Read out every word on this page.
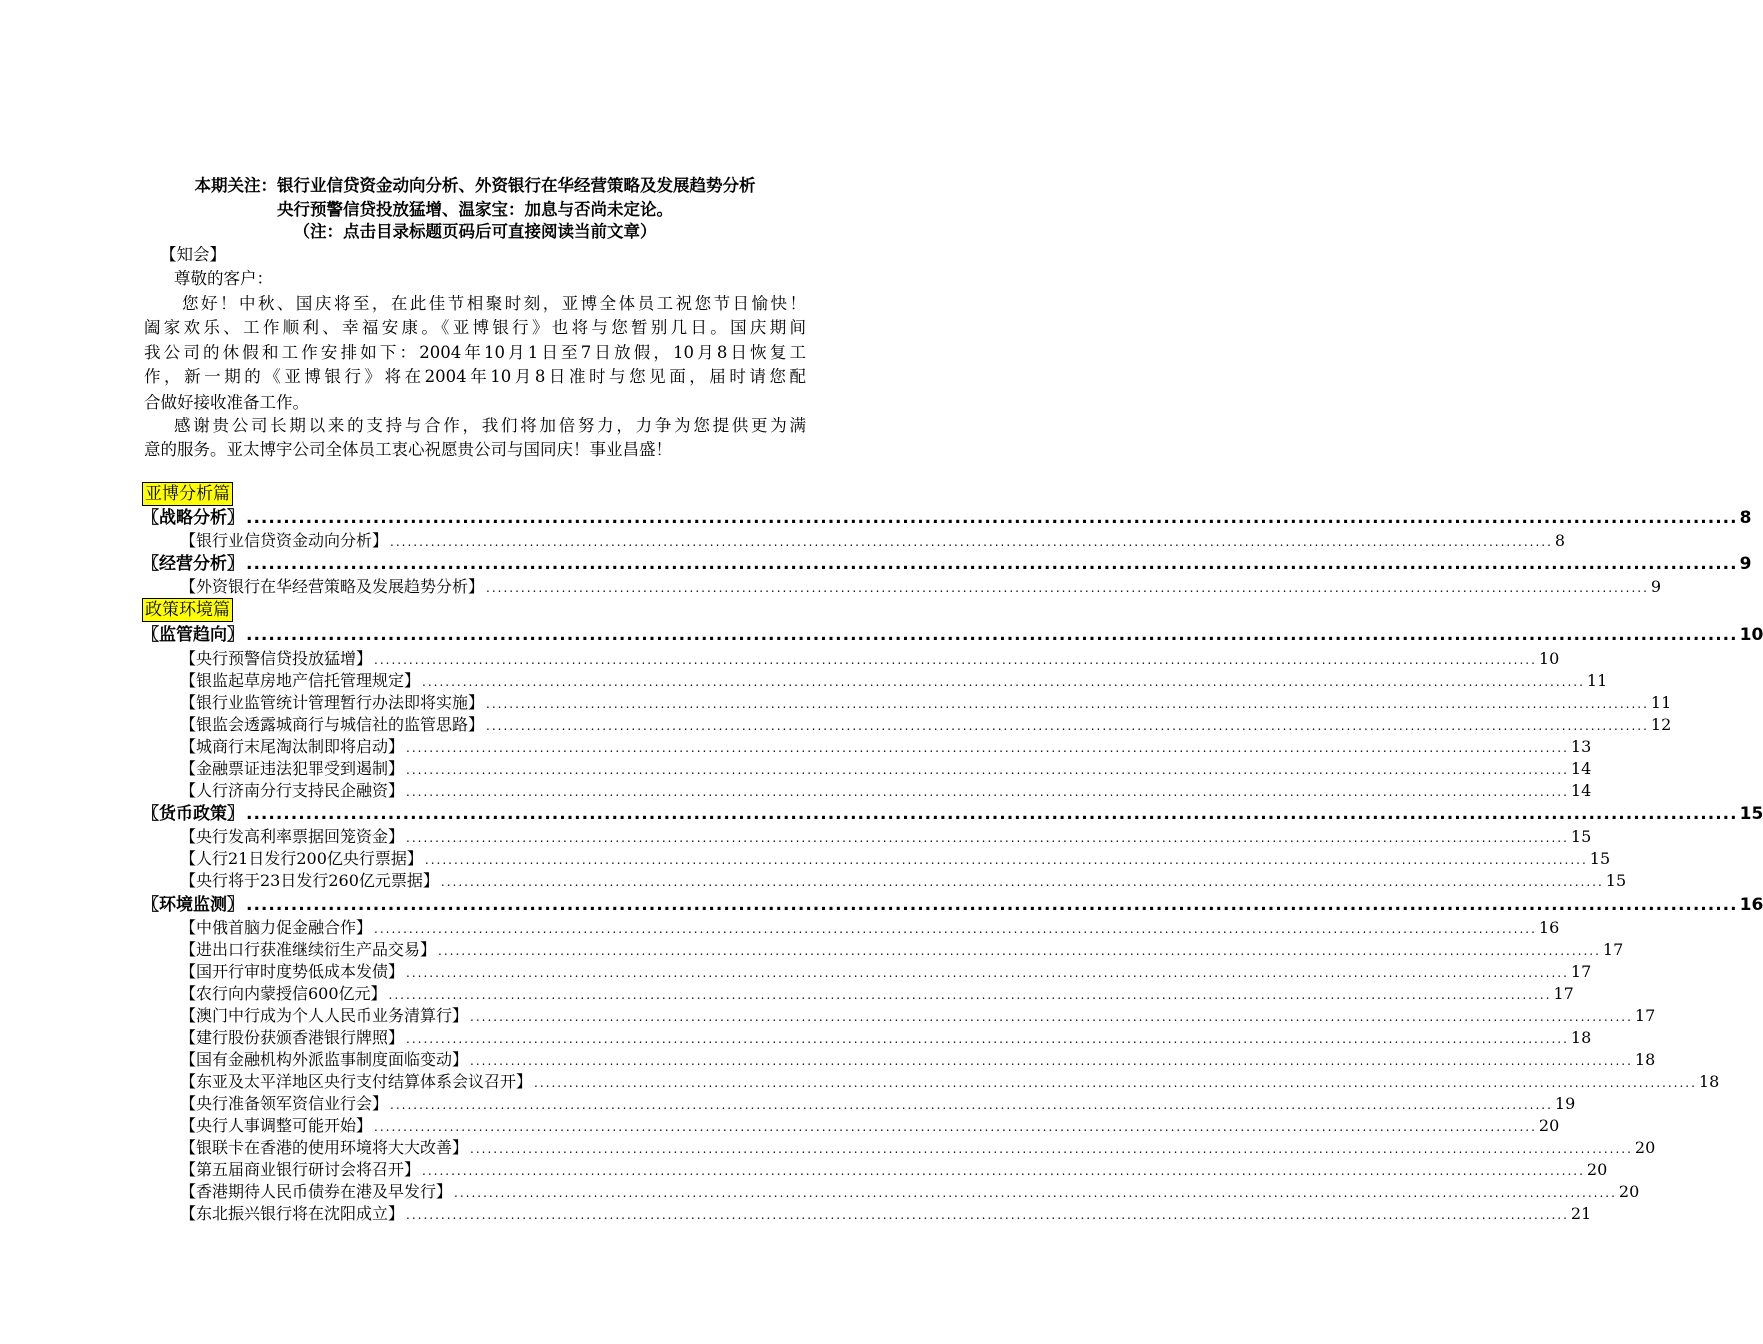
本期关注：银行业信贷资金动向分析、外资银行在华经营策略及发展趋势分析
央行预警信贷投放猛增、温家宝：加息与否尚未定论。
（注：点击目录标题页码后可直接阅读当前文章）
【知会】
尊敬的客户：
您好！中秋、国庆将至，在此佳节相聚时刻，亚博全体员工祝您节日愉快！
阖家欢乐、工作顺利、幸福安康。《亚博银行》也将与您暂别几日。国庆期间
我公司的休假和工作安排如下：2004年10月1日至7日放假，10月8日恢复工
作，新一期的《亚博银行》将在2004年10月8日准时与您见面，届时请您配
合做好接收准备工作。
感谢贵公司长期以来的支持与合作，我们将加倍努力，力争为您提供更为满
意的服务。亚太博宇公司全体员工衷心祝愿贵公司与国同庆！事业昌盛！
亚博分析篇
政策环境篇
〖战略分析〗 ........................................................................................................................................................................................................ 8
【银行业信贷资金动向分析】 ........................................................................................................................................................................................................ 8
〖经营分析〗 ........................................................................................................................................................................................................ 9
【外资银行在华经营策略及发展趋势分析】 ........................................................................................................................................................................................................ 9
〖监管趋向〗 ........................................................................................................................................................................................................ 10
【央行预警信贷投放猛增】 ........................................................................................................................................................................................................ 10
【银监起草房地产信托管理规定】 ........................................................................................................................................................................................................ 11
【银行业监管统计管理暂行办法即将实施】 ........................................................................................................................................................................................................ 11
【银监会透露城商行与城信社的监管思路】 ........................................................................................................................................................................................................ 12
【城商行末尾淘汰制即将启动】 ........................................................................................................................................................................................................ 13
【金融票证违法犯罪受到遏制】 ........................................................................................................................................................................................................ 14
【人行济南分行支持民企融资】 ........................................................................................................................................................................................................ 14
〖货币政策〗 ........................................................................................................................................................................................................ 15
【央行发高利率票据回笼资金】 ........................................................................................................................................................................................................ 15
【人行21日发行200亿央行票据】 ........................................................................................................................................................................................................ 15
【央行将于23日发行260亿元票据】 ........................................................................................................................................................................................................ 15
〖环境监测〗 ........................................................................................................................................................................................................ 16
【中俄首脑力促金融合作】 ........................................................................................................................................................................................................ 16
【进出口行获准继续衍生产品交易】 ........................................................................................................................................................................................................ 17
【国开行审时度势低成本发债】 ........................................................................................................................................................................................................ 17
【农行向内蒙授信600亿元】 ........................................................................................................................................................................................................ 17
【澳门中行成为个人人民币业务清算行】 ........................................................................................................................................................................................................ 17
【建行股份获颁香港银行牌照】 ........................................................................................................................................................................................................ 18
【国有金融机构外派监事制度面临变动】 ........................................................................................................................................................................................................ 18
【东亚及太平洋地区央行支付结算体系会议召开】 ........................................................................................................................................................................................................ 18
【央行准备领军资信业行会】 ........................................................................................................................................................................................................ 19
【央行人事调整可能开始】 ........................................................................................................................................................................................................ 20
【银联卡在香港的使用环境将大大改善】 ........................................................................................................................................................................................................ 20
【第五届商业银行研讨会将召开】 ........................................................................................................................................................................................................ 20
【香港期待人民币债券在港及早发行】 ........................................................................................................................................................................................................ 20
【东北振兴银行将在沈阳成立】 ........................................................................................................................................................................................................ 21
